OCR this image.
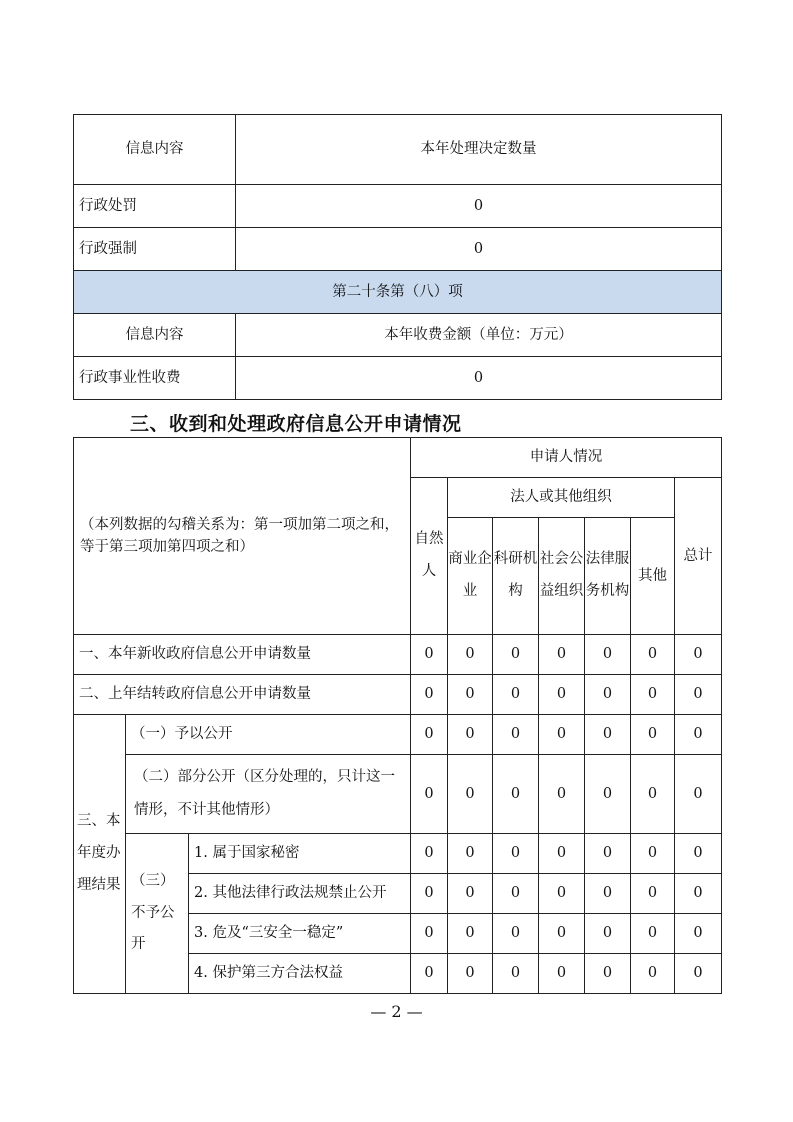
信息内容	本年处理决定数量
行政处罚	0
行政强制	0
第二十条第（八）项	
信息内容	本年收费金额（单位：万元）
行政事业性收费	0
三、收到和处理政府信息公开申请情况
（本列数据的勾稽关系为：第一项加第二项之和，等于第三项加第四项之和）			申请人情况						
			自然人	法人或其他组织					总计
				商业企业	科研机构	社会公益组织	法律服务机构	其他	
一、本年新收政府信息公开申请数量			0	0	0	0	0	0	0
二、上年结转政府信息公开申请数量			0	0	0	0	0	0	0
三、本年度办理结果	（一）予以公开		0	0	0	0	0	0	0
	（二）部分公开（区分处理的，只计这一情形，不计其他情形）		0	0	0	0	0	0	0
	（三）不予公开	1. 属于国家秘密	0	0	0	0	0	0	0
		2. 其他法律行政法规禁止公开	0	0	0	0	0	0	0
		3. 危及“三安全一稳定”	0	0	0	0	0	0	0
		4. 保护第三方合法权益	0	0	0	0	0	0	0
— 2 —
